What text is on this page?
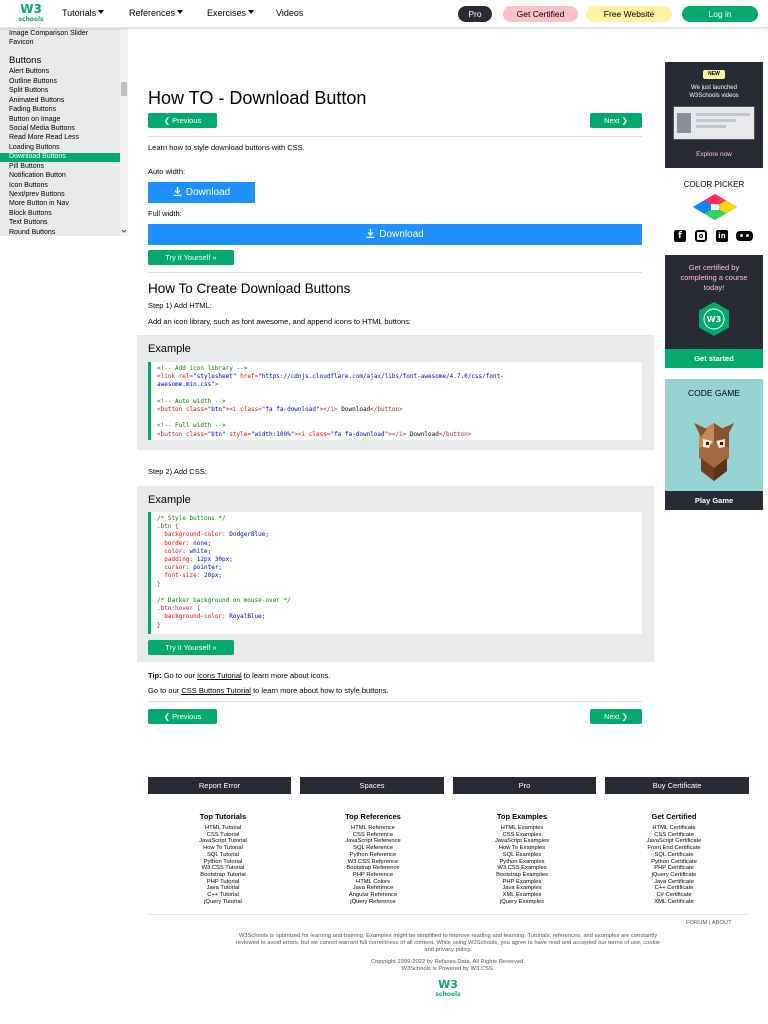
W3
schools
Tutorials	References	Exercises	Videos	Pro	Get Certified	Free Website	Log in
Image Comparison Slider
Favicon
Buttons
Alert Buttons
Outline Buttons
Split Buttons
Animated Buttons
Fading Buttons
Button on Image
Social Media Buttons
Read More Read Less
Loading Buttons
Download Buttons
Pill Buttons
Notification Button
Icon Buttons
Next/prev Buttons
More Button in Nav
Block Buttons
Text Buttons
Round Buttons
How TO - Download Button
❮ Previous	Next ❯
Learn how to style download buttons with CSS.
Auto width:
Download
Full width:
Download
Try it Yourself »
How To Create Download Buttons
Step 1) Add HTML:
Add an icon library, such as font awesome, and append icons to HTML buttons:
Example
<!-- Add icon library -->
<link rel="stylesheet" href="https://cdnjs.cloudflare.com/ajax/libs/font-awesome/4.7.0/css/font-
awesome.min.css">

<!-- Auto width -->
<button class="btn"><i class="fa fa-download"></i> Download</button>

<!-- Full width -->
<button class="btn" style="width:100%"><i class="fa fa-download"></i> Download</button>
Step 2) Add CSS:
Example
/* Style buttons */
.btn {
background-color: DodgerBlue;
border: none;
color: white;
padding: 12px 30px;
cursor: pointer;
font-size: 20px;
}

/* Darker background on mouse-over */
.btn:hover {
background-color: RoyalBlue;
}
Try it Yourself »
Tip: Go to our Icons Tutorial to learn more about icons.
Go to our CSS Buttons Tutorial to learn more about how to style buttons.
❮ Previous	Next ❯
NEW
We just launched W3Schools videos
Explore now
COLOR PICKER
f	in
Get certified by completing a course today!
W3
Get started
CODE GAME
Play Game
Report Error	Spaces	Pro	Buy Certificate
Top Tutorials
HTML Tutorial
CSS Tutorial
JavaScript Tutorial
How To Tutorial
SQL Tutorial
Python Tutorial
W3.CSS Tutorial
Bootstrap Tutorial
PHP Tutorial
Java Tutorial
C++ Tutorial
jQuery Tutorial
Top References
HTML Reference
CSS Reference
JavaScript Reference
SQL Reference
Python Reference
W3.CSS Reference
Bootstrap Reference
PHP Reference
HTML Colors
Java Reference
Angular Reference
jQuery Reference
Top Examples
HTML Examples
CSS Examples
JavaScript Examples
How To Examples
SQL Examples
Python Examples
W3.CSS Examples
Bootstrap Examples
PHP Examples
Java Examples
XML Examples
jQuery Examples
Get Certified
HTML Certificate
CSS Certificate
JavaScript Certificate
Front End Certificate
SQL Certificate
Python Certificate
PHP Certificate
jQuery Certificate
Java Certificate
C++ Certificate
C# Certificate
XML Certificate
FORUM | ABOUT
W3Schools is optimized for learning and training. Examples might be simplified to improve reading and learning. Tutorials, references, and examples are constantly
reviewed to avoid errors, but we cannot warrant full correctness of all content. While using W3Schools, you agree to have read and accepted our terms of use, cookie
and privacy policy.
Copyright 1999-2022 by Refsnes Data. All Rights Reserved.
W3Schools is Powered by W3.CSS.
W3
schools
